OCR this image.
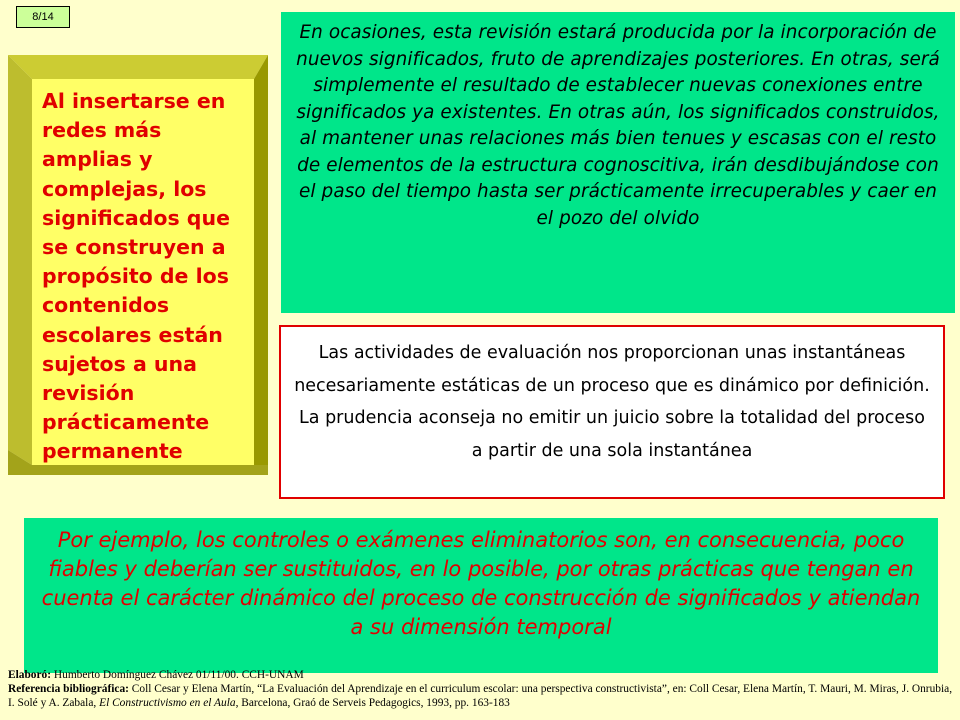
8/14

Al insertarse en redes más amplias y complejas, los significados que se construyen a propósito de los contenidos escolares están sujetos a una revisión prácticamente permanente

En ocasiones, esta revisión estará producida por la incorporación de nuevos significados, fruto de aprendizajes posteriores. En otras, será simplemente el resultado de establecer nuevas conexiones entre significados ya existentes. En otras aún, los significados construidos, al mantener unas relaciones más bien tenues y escasas con el resto de elementos de la estructura cognoscitiva, irán desdibujándose con el paso del tiempo hasta ser prácticamente irrecuperables y caer en el pozo del olvido

Las actividades de evaluación nos proporcionan unas instantáneas necesariamente estáticas de un proceso que es dinámico por definición. La prudencia aconseja no emitir un juicio sobre la totalidad del proceso a partir de una sola instantánea

Por ejemplo, los controles o exámenes eliminatorios son, en consecuencia, poco fiables y deberían ser sustituidos, en lo posible, por otras prácticas que tengan en cuenta el carácter dinámico del proceso de construcción de significados y atiendan a su dimensión temporal

Elaboró: Humberto Domínguez Chávez 01/11/00. CCH-UNAM
Referencia bibliográfica: Coll Cesar y Elena Martín, “La Evaluación del Aprendizaje en el curriculum escolar: una perspectiva constructivista”, en: Coll Cesar, Elena Martín, T. Mauri, M. Miras, J. Onrubia, I. Solé y A. Zabala, El Constructivismo en el Aula, Barcelona, Graó de Serveis Pedagogics, 1993, pp. 163-183
